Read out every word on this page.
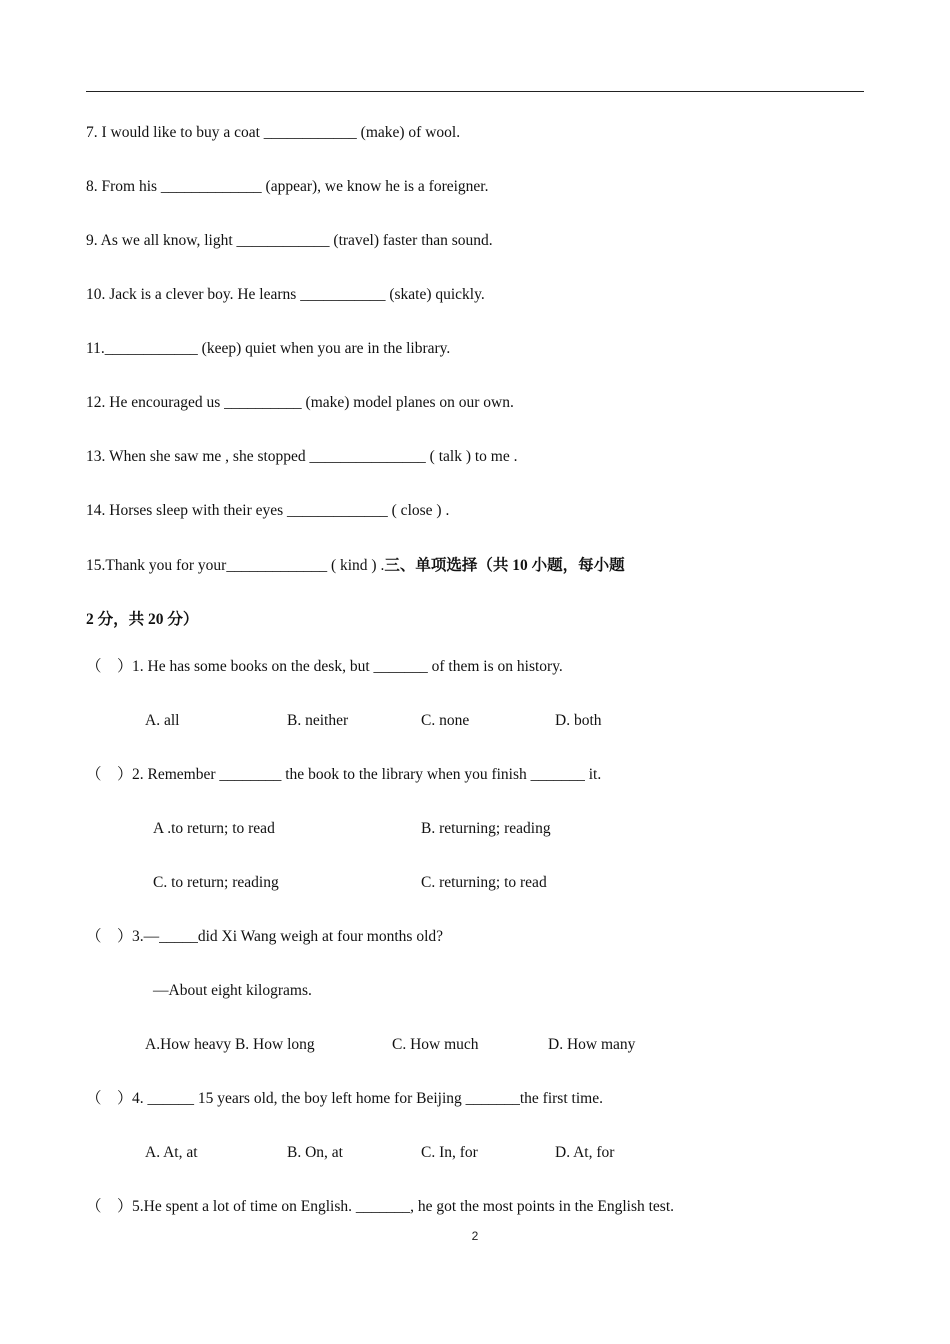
7. I would like to buy a coat ____________ (make) of wool.
8. From his _____________ (appear), we know he is a foreigner.
9. As we all know, light ____________ (travel) faster than sound.
10. Jack is a clever boy. He learns ___________ (skate) quickly.
11.____________ (keep) quiet when you are in the library.
12. He encouraged us __________ (make) model planes on our own.
13. When she saw me , she stopped _______________ ( talk ) to me .
14. Horses sleep with their eyes _____________ ( close ) .
15.Thank you for your_____________ ( kind ) .三、单项选择（共 10 小题，每小题
2 分，共 20 分）
（　）1. He has some books on the desk, but _______ of them is on history.
A. all	B. neither	C. none	D. both
（　）2. Remember ________ the book to the library when you finish _______ it.
A .to return; to read	B. returning; reading
C. to return; reading	C. returning; to read
（　）3.—_____did Xi Wang weigh at four months old?
—About eight kilograms.
A.How heavy B. How long	C. How much	D. How many
（　）4. ______ 15 years old, the boy left home for Beijing _______the first time.
A. At, at	B. On, at	C. In, for	D. At, for
（　）5.He spent a lot of time on English. _______, he got the most points in the English test.
2
